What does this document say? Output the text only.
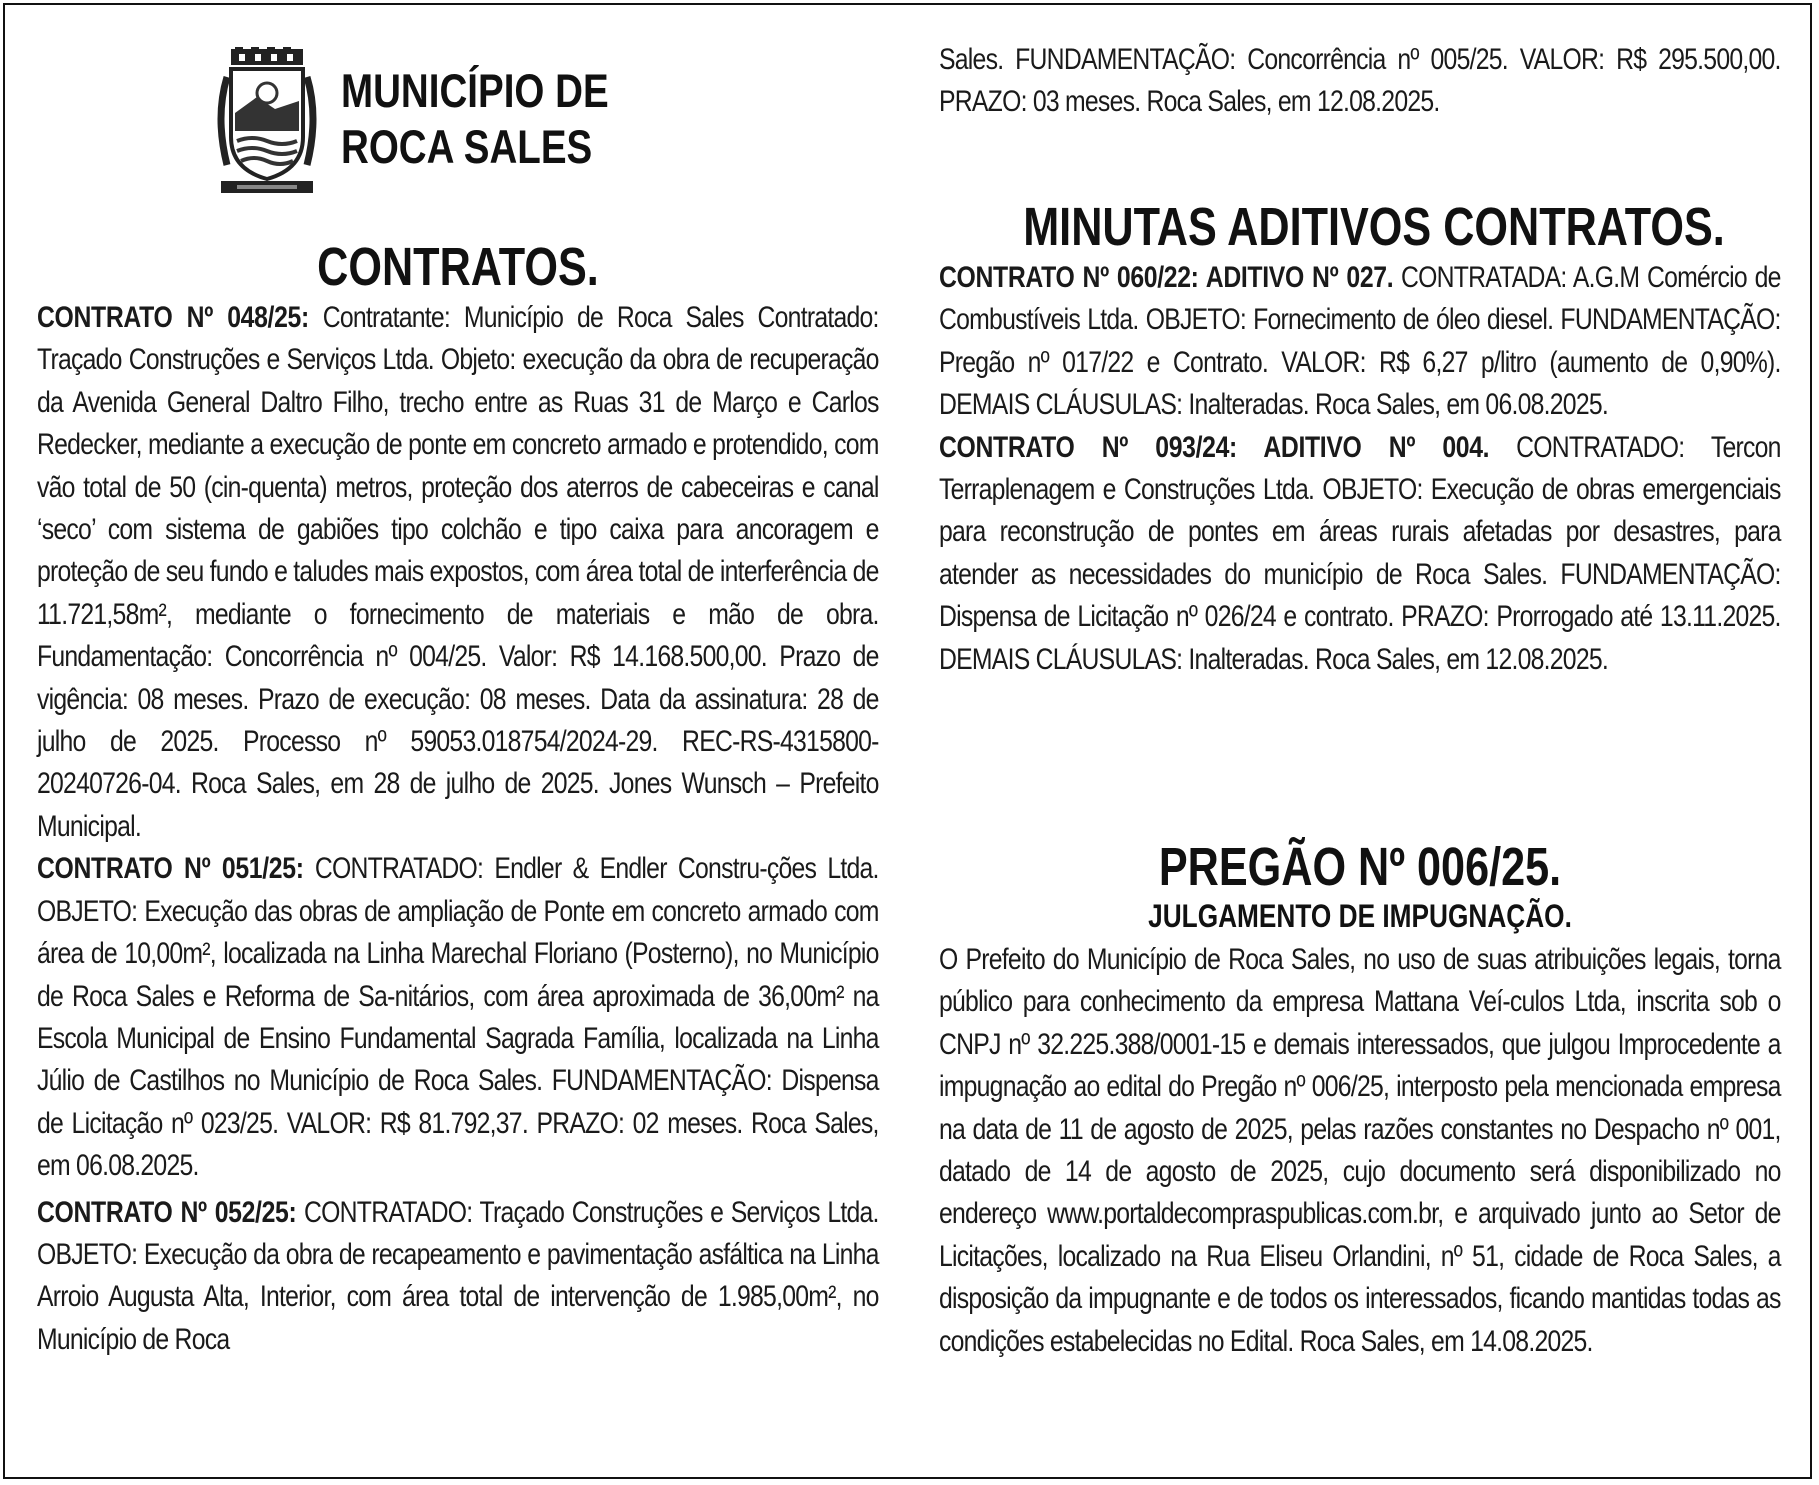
MUNICÍPIO DE
ROCA SALES
CONTRATOS.

CONTRATO Nº 048/25: Contratante: Município de Roca Sales Contratado: Traçado Construções e Serviços Ltda. Objeto: execução da obra de recuperação da Avenida General Daltro Filho, trecho entre as Ruas 31 de Março e Carlos Redecker, mediante a execução de ponte em concreto armado e protendido, com vão total de 50 (cin-quenta) metros, proteção dos aterros de cabeceiras e canal ‘seco’ com sistema de gabiões tipo colchão e tipo caixa para ancoragem e proteção de seu fundo e taludes mais expostos, com área total de interferência de 11.721,58m², mediante o fornecimento de materiais e mão de obra. Fundamentação: Concorrência nº 004/25. Valor: R$ 14.168.500,00. Prazo de vigência: 08 meses. Prazo de execução: 08 meses. Data da assinatura: 28 de julho de 2025. Processo nº 59053.018754/2024-29. REC-RS-4315800-20240726-04. Roca Sales, em 28 de julho de 2025. Jones Wunsch – Prefeito Municipal.

CONTRATO Nº 051/25: CONTRATADO: Endler & Endler Constru-ções Ltda. OBJETO: Execução das obras de ampliação de Ponte em concreto armado com área de 10,00m², localizada na Linha Marechal Floriano (Posterno), no Município de Roca Sales e Reforma de Sa-nitários, com área aproximada de 36,00m² na Escola Municipal de Ensino Fundamental Sagrada Família, localizada na Linha Júlio de Castilhos no Município de Roca Sales. FUNDAMENTAÇÃO: Dispensa de Licitação nº 023/25. VALOR: R$ 81.792,37. PRAZO: 02 meses. Roca Sales, em 06.08.2025.

CONTRATO Nº 052/25: CONTRATADO: Traçado Construções e Serviços Ltda. OBJETO: Execução da obra de recapeamento e pavimentação asfáltica na Linha Arroio Augusta Alta, Interior, com área total de intervenção de 1.985,00m², no Município de Roca

Sales. FUNDAMENTAÇÃO: Concorrência nº 005/25. VALOR: R$ 295.500,00. PRAZO: 03 meses. Roca Sales, em 12.08.2025.

MINUTAS ADITIVOS CONTRATOS.

CONTRATO Nº 060/22: ADITIVO Nº 027. CONTRATADA: A.G.M Comércio de Combustíveis Ltda. OBJETO: Fornecimento de óleo diesel. FUNDAMENTAÇÃO: Pregão nº 017/22 e Contrato. VALOR: R$ 6,27 p/litro (aumento de 0,90%). DEMAIS CLÁUSULAS: Inalteradas. Roca Sales, em 06.08.2025.

CONTRATO Nº 093/24: ADITIVO Nº 004. CONTRATADO: Tercon Terraplenagem e Construções Ltda. OBJETO: Execução de obras emergenciais para reconstrução de pontes em áreas rurais afetadas por desastres, para atender as necessidades do município de Roca Sales. FUNDAMENTAÇÃO: Dispensa de Licitação nº 026/24 e contrato. PRAZO: Prorrogado até 13.11.2025. DEMAIS CLÁUSULAS: Inalteradas. Roca Sales, em 12.08.2025.

PREGÃO Nº 006/25.
JULGAMENTO DE IMPUGNAÇÃO.

O Prefeito do Município de Roca Sales, no uso de suas atribuições legais, torna público para conhecimento da empresa Mattana Veí-culos Ltda, inscrita sob o CNPJ nº 32.225.388/0001-15 e demais interessados, que julgou Improcedente a impugnação ao edital do Pregão nº 006/25, interposto pela mencionada empresa na data de 11 de agosto de 2025, pelas razões constantes no Despacho nº 001, datado de 14 de agosto de 2025, cujo documento será disponibilizado no endereço www.portaldecompraspublicas.com.br, e arquivado junto ao Setor de Licitações, localizado na Rua Eliseu Orlandini, nº 51, cidade de Roca Sales, a disposição da impugnante e de todos os interessados, ficando mantidas todas as condições estabelecidas no Edital. Roca Sales, em 14.08.2025.
